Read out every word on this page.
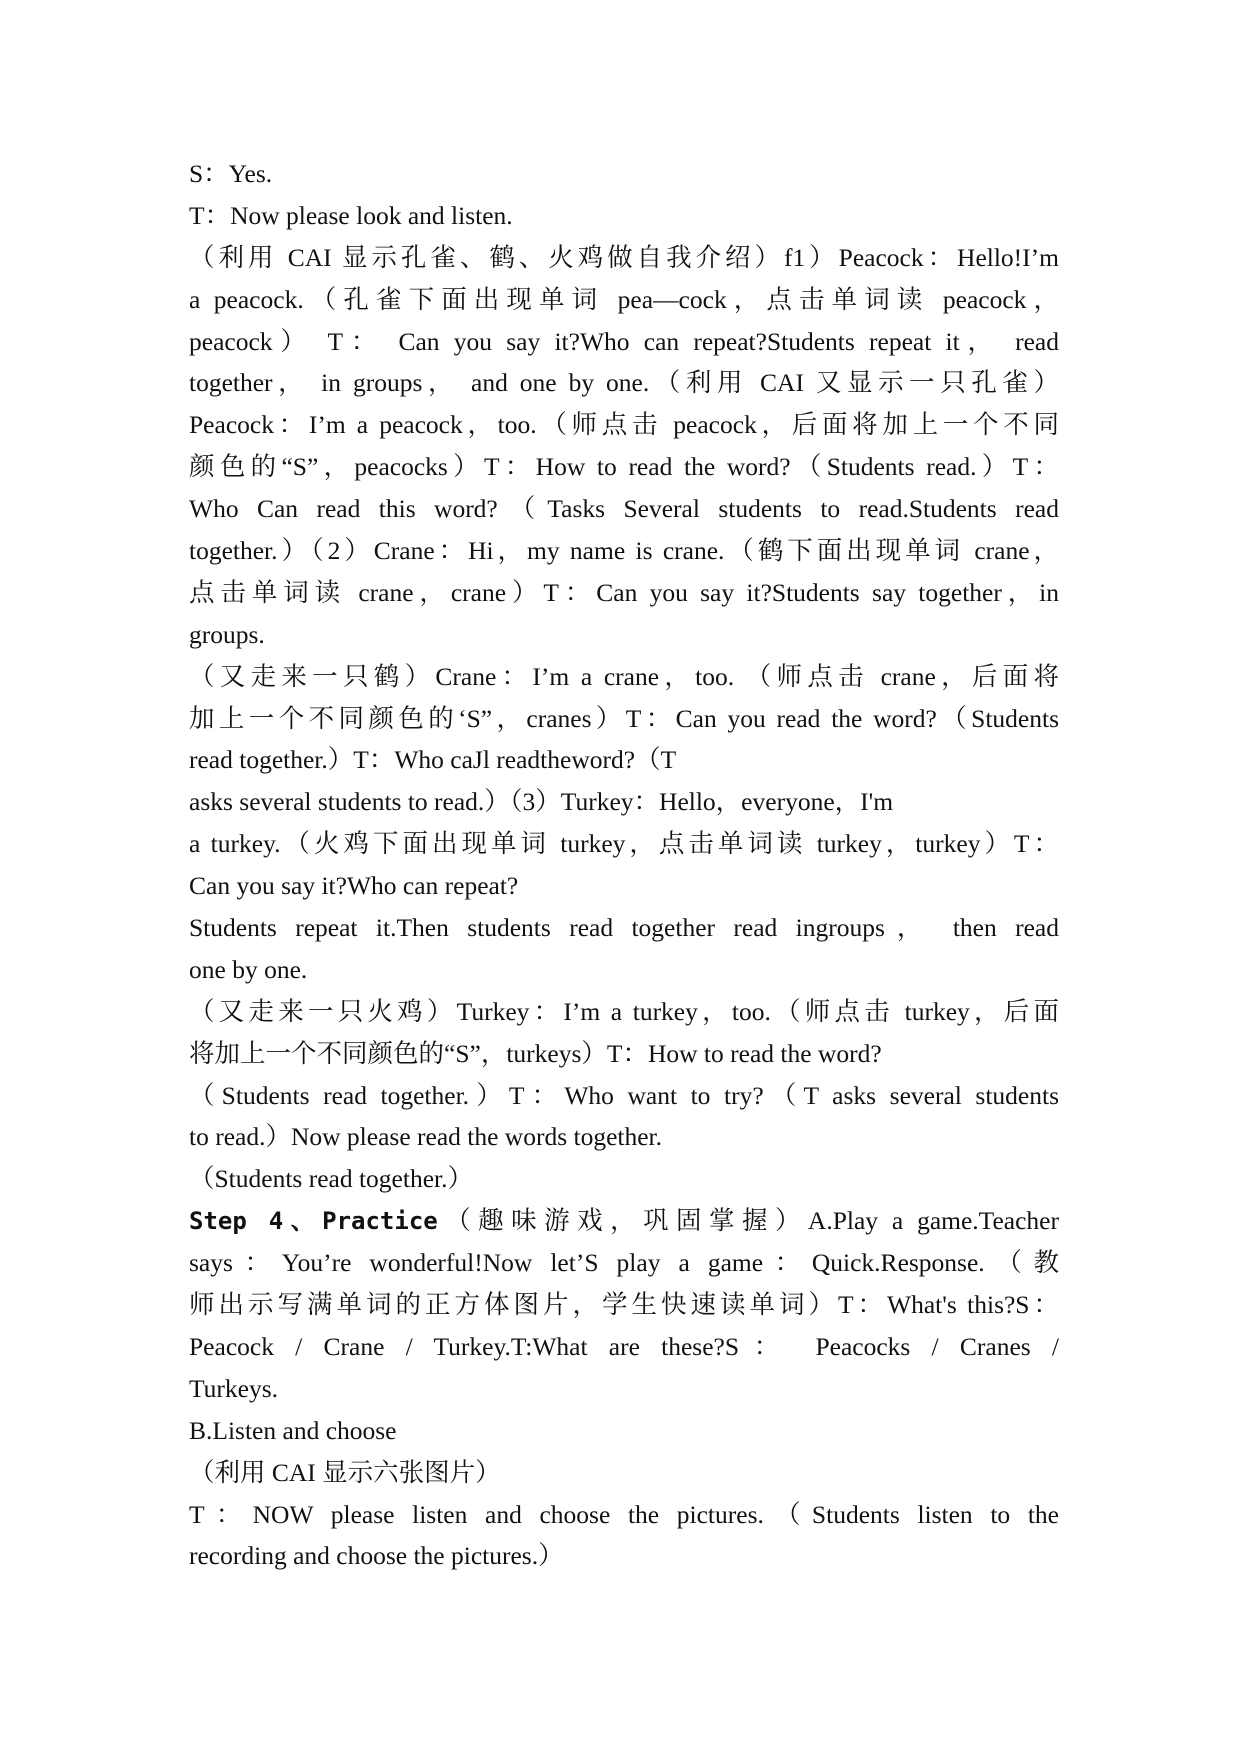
S：Yes.
T：Now please look and listen.
（利用 CAI 显示孔雀、鹤、火鸡做自我介绍）f1）Peacock：Hello!I’m
a peacock.（孔雀下面出现单词 pea—cock，点击单词读 peacock，
peacock） T： Can you say it?Who can repeat?Students repeat it， read
together， in groups， and one by one.（利用 CAI 又显示一只孔雀）
Peacock：I’m a peacock，too.（师点击 peacock，后面将加上一个不同
颜色的“S”，peacocks）T：How to read the word?（Students read.）T：
Who Can read this word?（Tasks Several students to read.Students read
together.）（2）Crane：Hi，my name is crane.（鹤下面出现单词 crane，
点击单词读 crane，crane）T：Can you say it?Students say together，in
groups.
（又走来一只鹤）Crane：I’m a crane，too. （师点击 crane，后面将
加上一个不同颜色的‘S”，cranes）T：Can you read the word?（Students
read together.）T：Who caJl readtheword?（T
asks several students to read.）（3）Turkey：Hello，everyone，I'm
a turkey.（火鸡下面出现单词 turkey，点击单词读 turkey，turkey）T：
Can you say it?Who can repeat?
Students repeat it.Then students read together read ingroups， then read
one by one.
（又走来一只火鸡）Turkey：I’m a turkey，too.（师点击 turkey，后面
将加上一个不同颜色的“S”，turkeys）T：How to read the word?
（Students read together.）T：Who want to try?（T asks several students
to read.）Now please read the words together.
（Students read together.）
Step 4、Practice（趣味游戏，巩固掌握）A.Play a game.Teacher
says：You’re wonderful!Now let’S play a game：Quick.Response.（教
师出示写满单词的正方体图片，学生快速读单词）T：What's this?S：
Peacock / Crane / Turkey.T:What are these?S： Peacocks / Cranes /
Turkeys.
B.Listen and choose
（利用 CAI 显示六张图片）
T：NOW please listen and choose the pictures.（Students listen to the
recording and choose the pictures.）
